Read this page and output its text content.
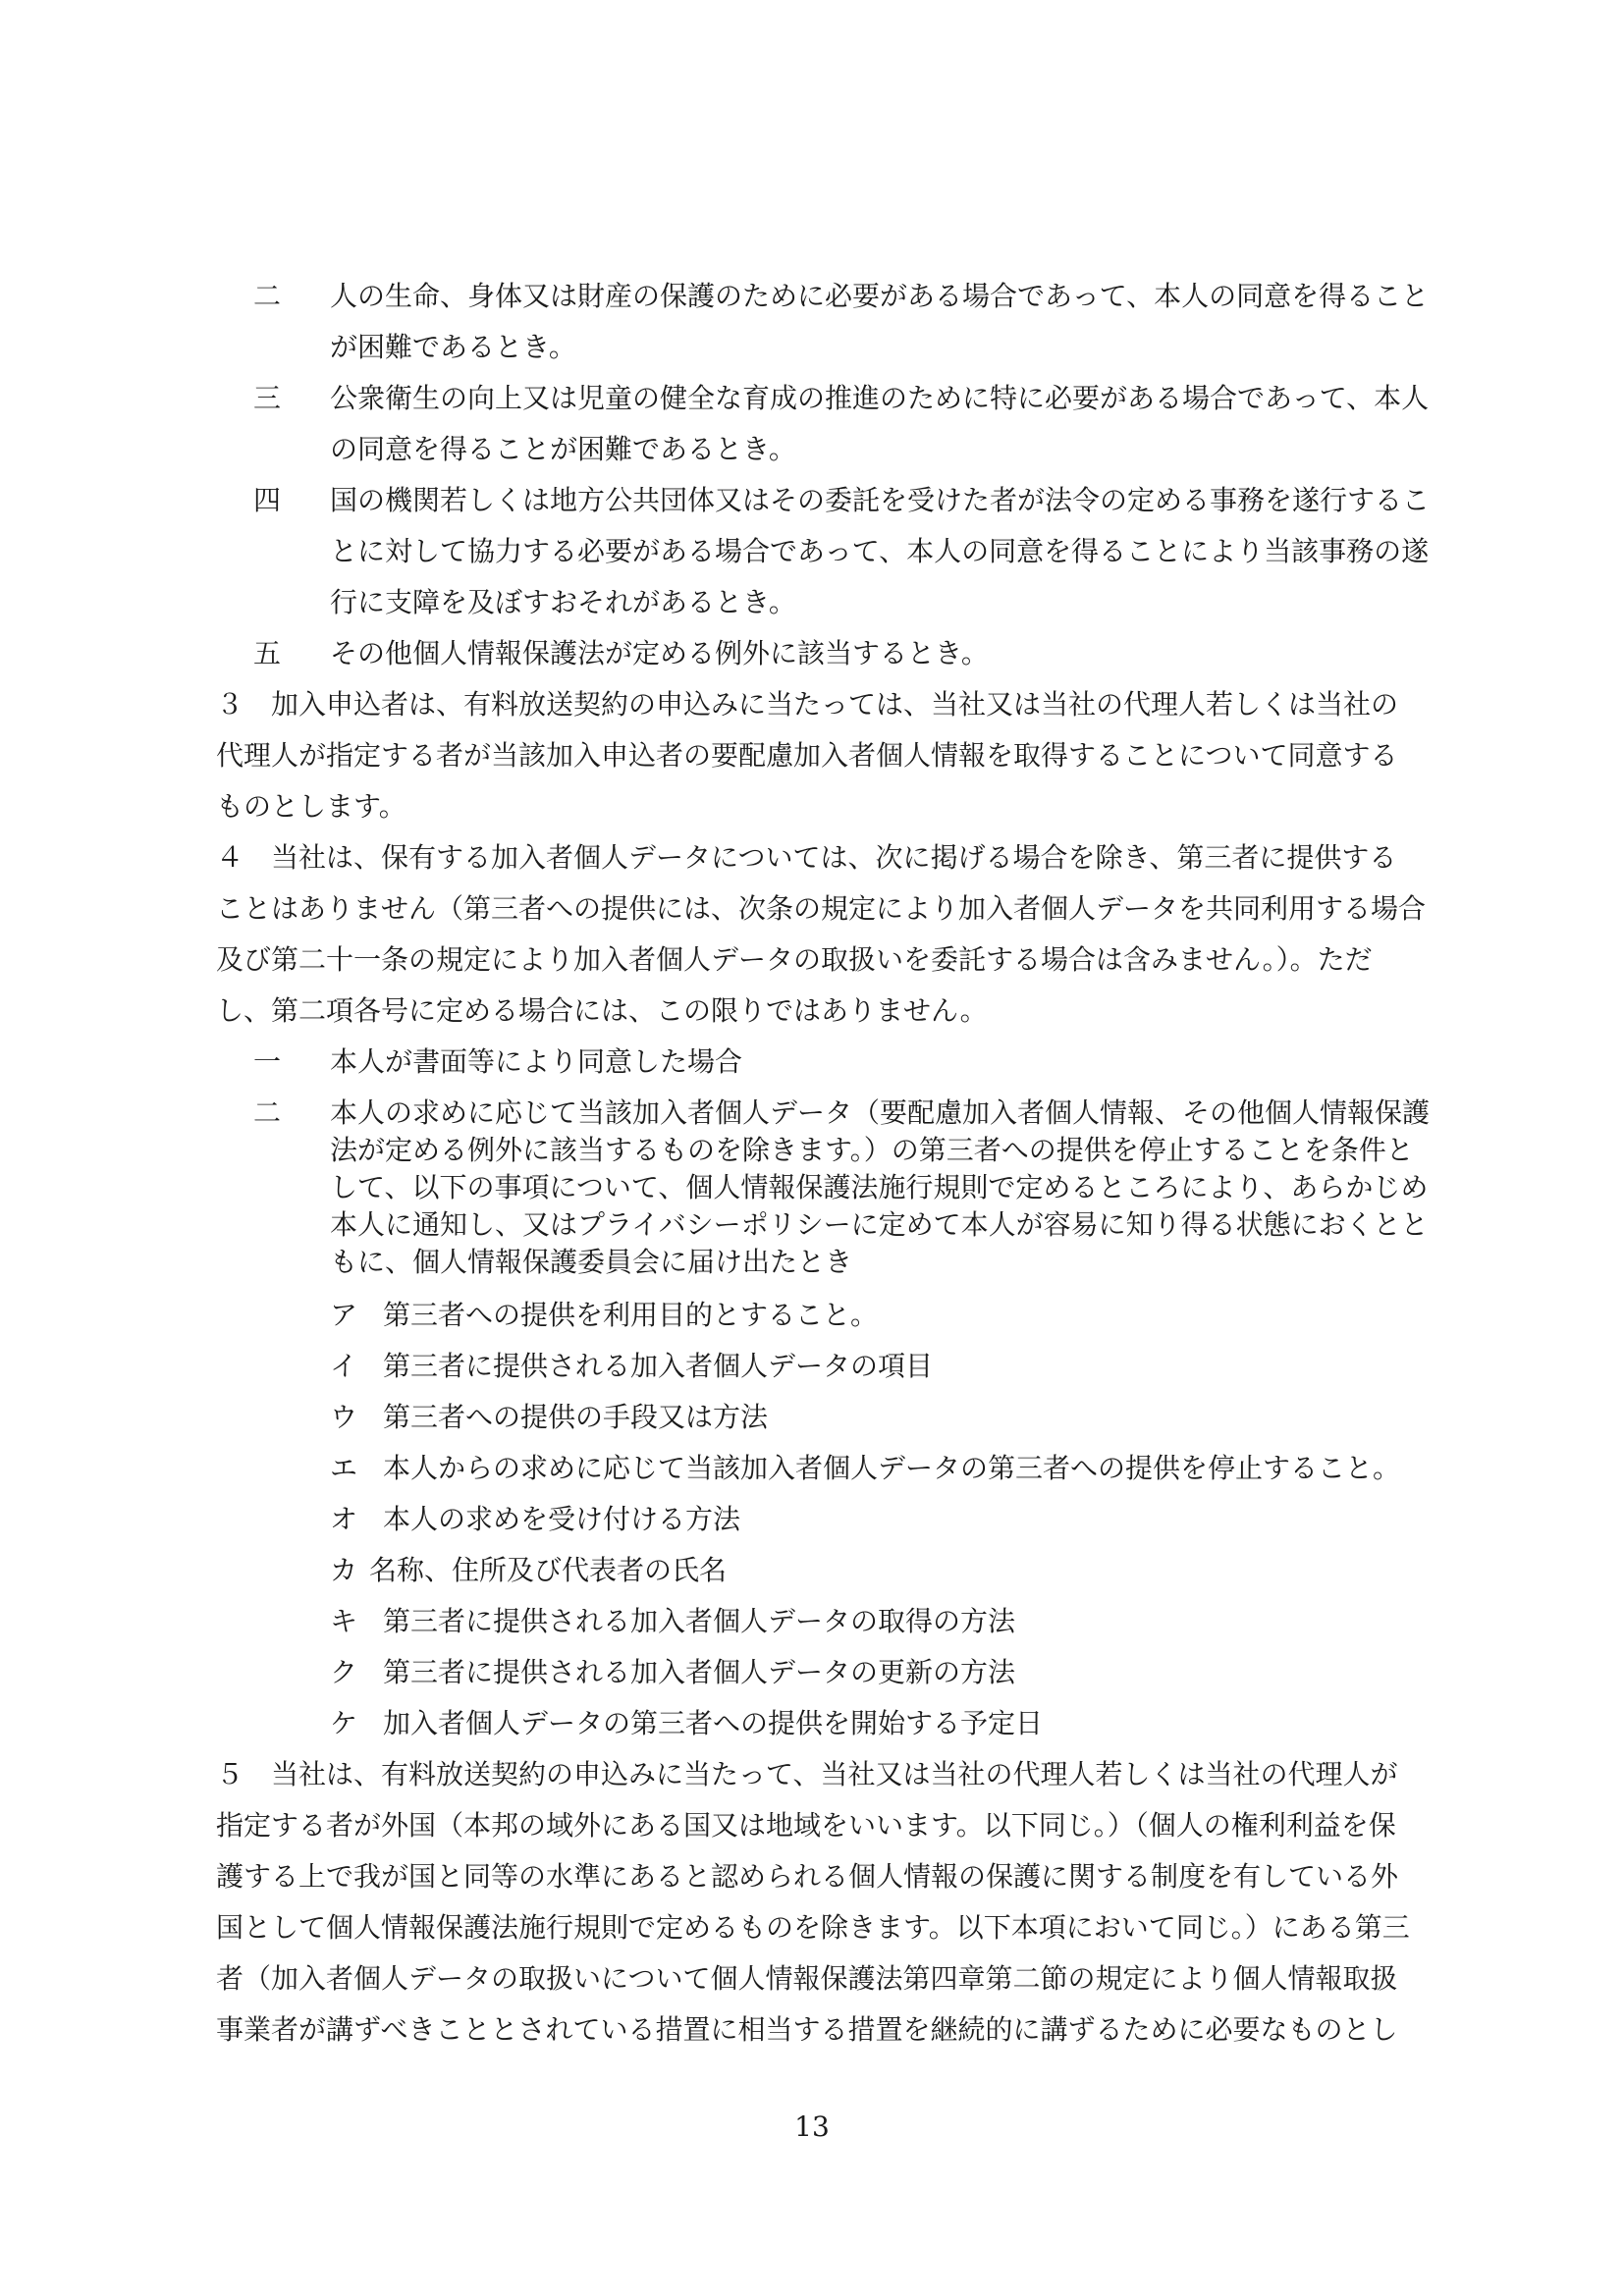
二 人の生命、身体又は財産の保護のために必要がある場合であって、本人の同意を得ること
が困難であるとき。
三 公衆衛生の向上又は児童の健全な育成の推進のために特に必要がある場合であって、本人
の同意を得ることが困難であるとき。
四 国の機関若しくは地方公共団体又はその委託を受けた者が法令の定める事務を遂行するこ
とに対して協力する必要がある場合であって、本人の同意を得ることにより当該事務の遂
行に支障を及ぼすおそれがあるとき。
五 その他個人情報保護法が定める例外に該当するとき。
３　加入申込者は、有料放送契約の申込みに当たっては、当社又は当社の代理人若しくは当社の
代理人が指定する者が当該加入申込者の要配慮加入者個人情報を取得することについて同意する
ものとします。
４　当社は、保有する加入者個人データについては、次に掲げる場合を除き、第三者に提供する
ことはありません（第三者への提供には、次条の規定により加入者個人データを共同利用する場合
及び第二十一条の規定により加入者個人データの取扱いを委託する場合は含みません。）。ただ
し、第二項各号に定める場合には、この限りではありません。
一 本人が書面等により同意した場合
二 本人の求めに応じて当該加入者個人データ（要配慮加入者個人情報、その他個人情報保護
法が定める例外に該当するものを除きます。）の第三者への提供を停止することを条件と
して、以下の事項について、個人情報保護法施行規則で定めるところにより、あらかじめ
本人に通知し、又はプライバシーポリシーに定めて本人が容易に知り得る状態におくとと
もに、個人情報保護委員会に届け出たとき
ア 第三者への提供を利用目的とすること。
イ 第三者に提供される加入者個人データの項目
ウ 第三者への提供の手段又は方法
エ 本人からの求めに応じて当該加入者個人データの第三者への提供を停止すること。
オ 本人の求めを受け付ける方法
カ 名称、住所及び代表者の氏名
キ 第三者に提供される加入者個人データの取得の方法
ク 第三者に提供される加入者個人データの更新の方法
ケ 加入者個人データの第三者への提供を開始する予定日
５　当社は、有料放送契約の申込みに当たって、当社又は当社の代理人若しくは当社の代理人が
指定する者が外国（本邦の域外にある国又は地域をいいます。以下同じ。）（個人の権利利益を保
護する上で我が国と同等の水準にあると認められる個人情報の保護に関する制度を有している外
国として個人情報保護法施行規則で定めるものを除きます。以下本項において同じ。）にある第三
者（加入者個人データの取扱いについて個人情報保護法第四章第二節の規定により個人情報取扱
事業者が講ずべきこととされている措置に相当する措置を継続的に講ずるために必要なものとし
13
